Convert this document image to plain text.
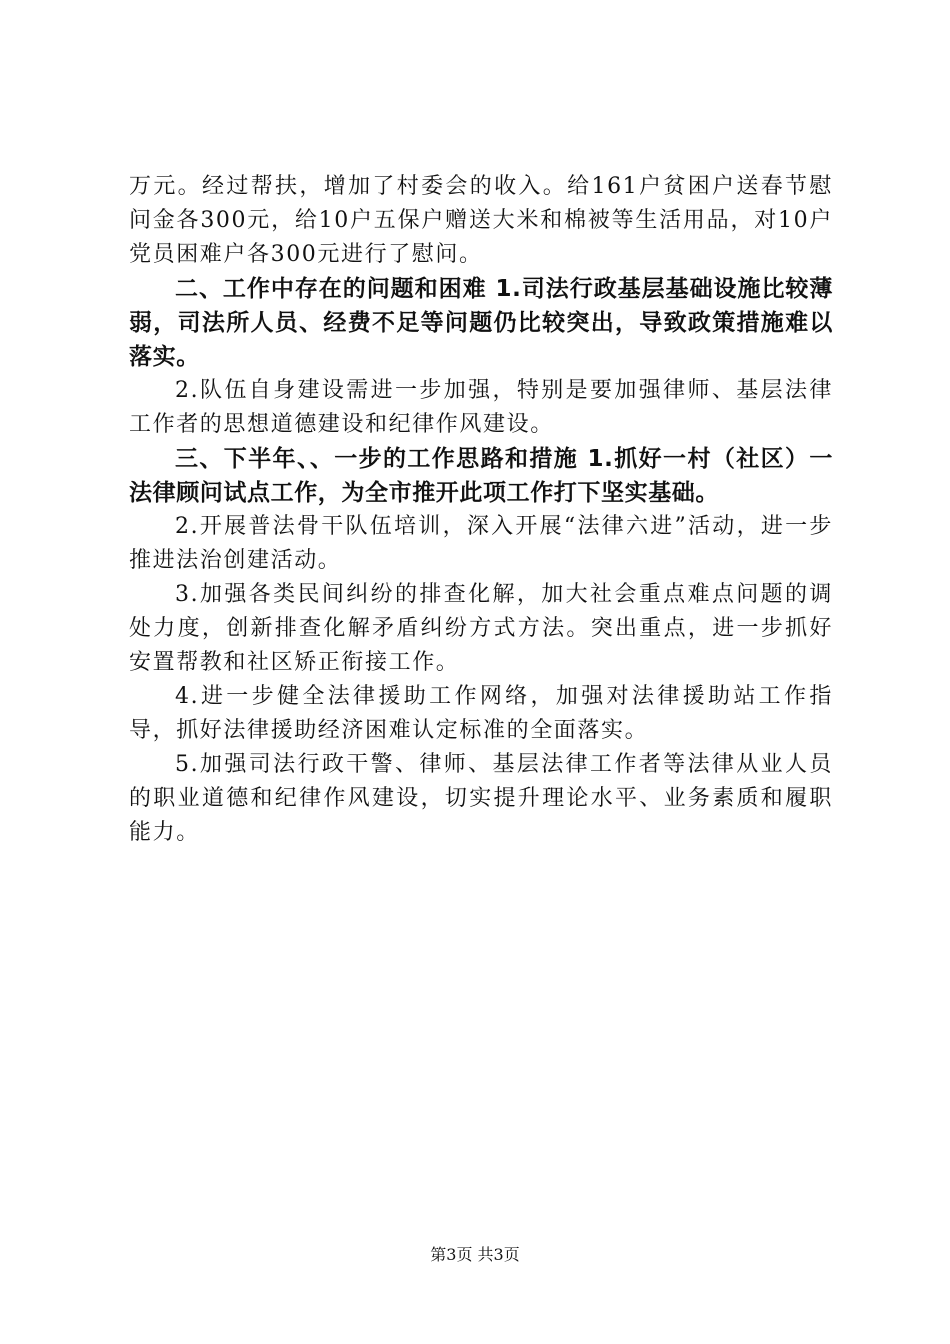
万元。经过帮扶，增加了村委会的收入。给161户贫困户送春节慰问金各300元，给10户五保户赠送大米和棉被等生活用品，对10户党员困难户各300元进行了慰问。

二、工作中存在的问题和困难 1.司法行政基层基础设施比较薄弱，司法所人员、经费不足等问题仍比较突出，导致政策措施难以落实。

2.队伍自身建设需进一步加强，特别是要加强律师、基层法律工作者的思想道德建设和纪律作风建设。

三、下半年、、一步的工作思路和措施 1.抓好一村（社区）一法律顾问试点工作，为全市推开此项工作打下坚实基础。

2.开展普法骨干队伍培训，深入开展“法律六进”活动，进一步推进法治创建活动。

3.加强各类民间纠纷的排查化解，加大社会重点难点问题的调处力度，创新排查化解矛盾纠纷方式方法。突出重点，进一步抓好安置帮教和社区矫正衔接工作。

4.进一步健全法律援助工作网络，加强对法律援助站工作指导，抓好法律援助经济困难认定标准的全面落实。

5.加强司法行政干警、律师、基层法律工作者等法律从业人员的职业道德和纪律作风建设，切实提升理论水平、业务素质和履职能力。

第3页 共3页
